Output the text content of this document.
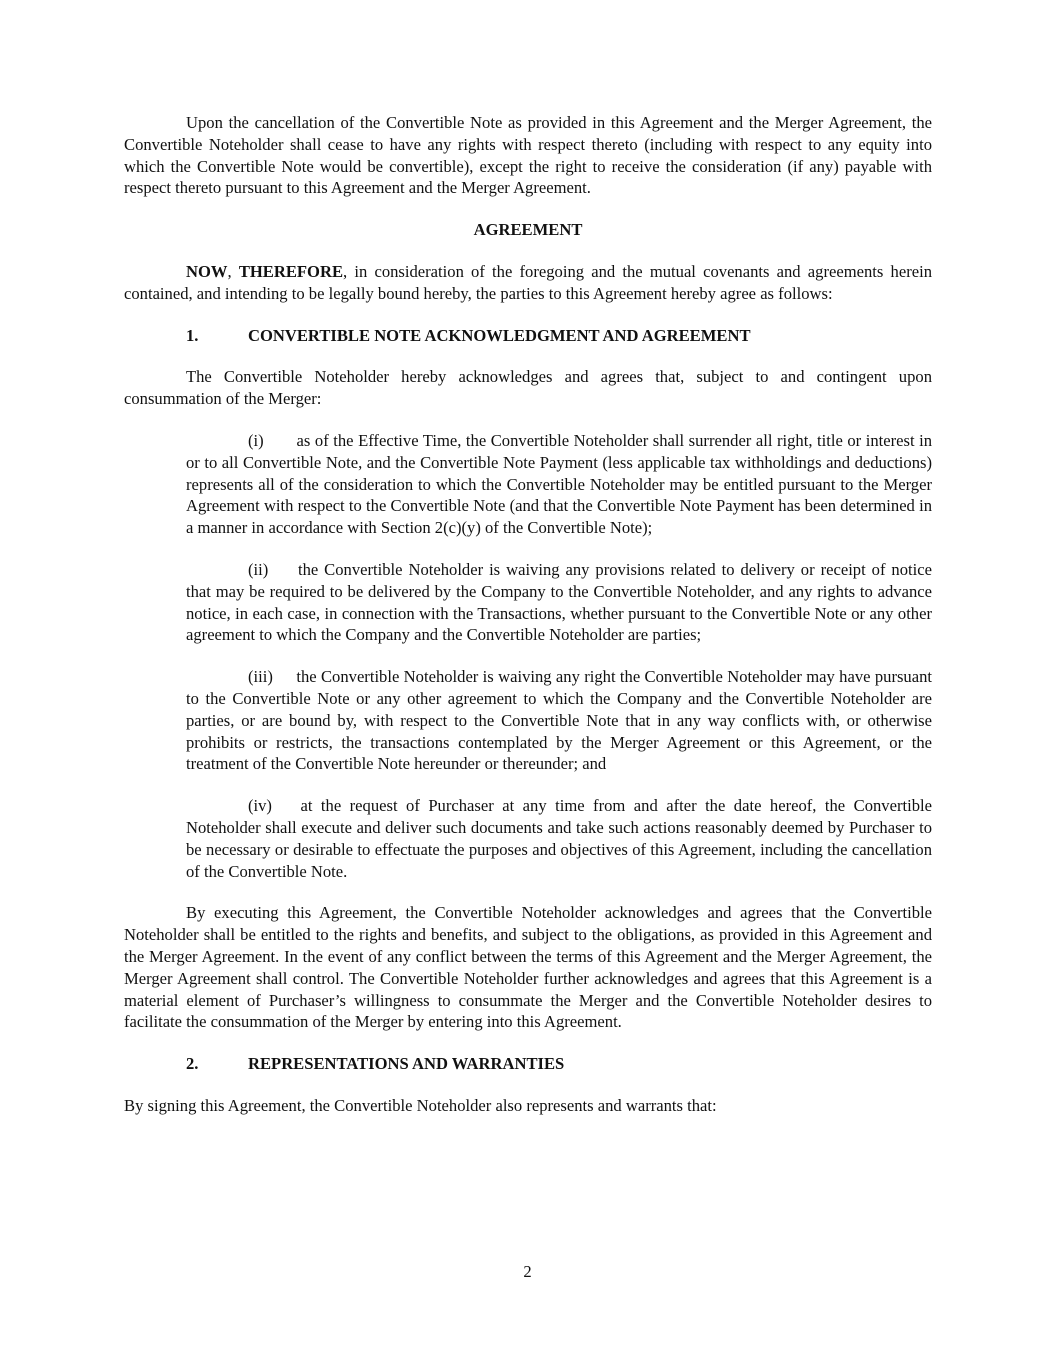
Upon the cancellation of the Convertible Note as provided in this Agreement and the Merger Agreement, the Convertible Noteholder shall cease to have any rights with respect thereto (including with respect to any equity into which the Convertible Note would be convertible), except the right to receive the consideration (if any) payable with respect thereto pursuant to this Agreement and the Merger Agreement.

AGREEMENT

NOW, THEREFORE, in consideration of the foregoing and the mutual covenants and agreements herein contained, and intending to be legally bound hereby, the parties to this Agreement hereby agree as follows:

1.	CONVERTIBLE NOTE ACKNOWLEDGMENT AND AGREEMENT

The Convertible Noteholder hereby acknowledges and agrees that, subject to and contingent upon consummation of the Merger:

(i) as of the Effective Time, the Convertible Noteholder shall surrender all right, title or interest in or to all Convertible Note, and the Convertible Note Payment (less applicable tax withholdings and deductions) represents all of the consideration to which the Convertible Noteholder may be entitled pursuant to the Merger Agreement with respect to the Convertible Note (and that the Convertible Note Payment has been determined in a manner in accordance with Section 2(c)(y) of the Convertible Note);

(ii) the Convertible Noteholder is waiving any provisions related to delivery or receipt of notice that may be required to be delivered by the Company to the Convertible Noteholder, and any rights to advance notice, in each case, in connection with the Transactions, whether pursuant to the Convertible Note or any other agreement to which the Company and the Convertible Noteholder are parties;

(iii) the Convertible Noteholder is waiving any right the Convertible Noteholder may have pursuant to the Convertible Note or any other agreement to which the Company and the Convertible Noteholder are parties, or are bound by, with respect to the Convertible Note that in any way conflicts with, or otherwise prohibits or restricts, the transactions contemplated by the Merger Agreement or this Agreement, or the treatment of the Convertible Note hereunder or thereunder; and

(iv) at the request of Purchaser at any time from and after the date hereof, the Convertible Noteholder shall execute and deliver such documents and take such actions reasonably deemed by Purchaser to be necessary or desirable to effectuate the purposes and objectives of this Agreement, including the cancellation of the Convertible Note.

By executing this Agreement, the Convertible Noteholder acknowledges and agrees that the Convertible Noteholder shall be entitled to the rights and benefits, and subject to the obligations, as provided in this Agreement and the Merger Agreement. In the event of any conflict between the terms of this Agreement and the Merger Agreement, the Merger Agreement shall control. The Convertible Noteholder further acknowledges and agrees that this Agreement is a material element of Purchaser’s willingness to consummate the Merger and the Convertible Noteholder desires to facilitate the consummation of the Merger by entering into this Agreement.

2.	REPRESENTATIONS AND WARRANTIES

By signing this Agreement, the Convertible Noteholder also represents and warrants that:

2
